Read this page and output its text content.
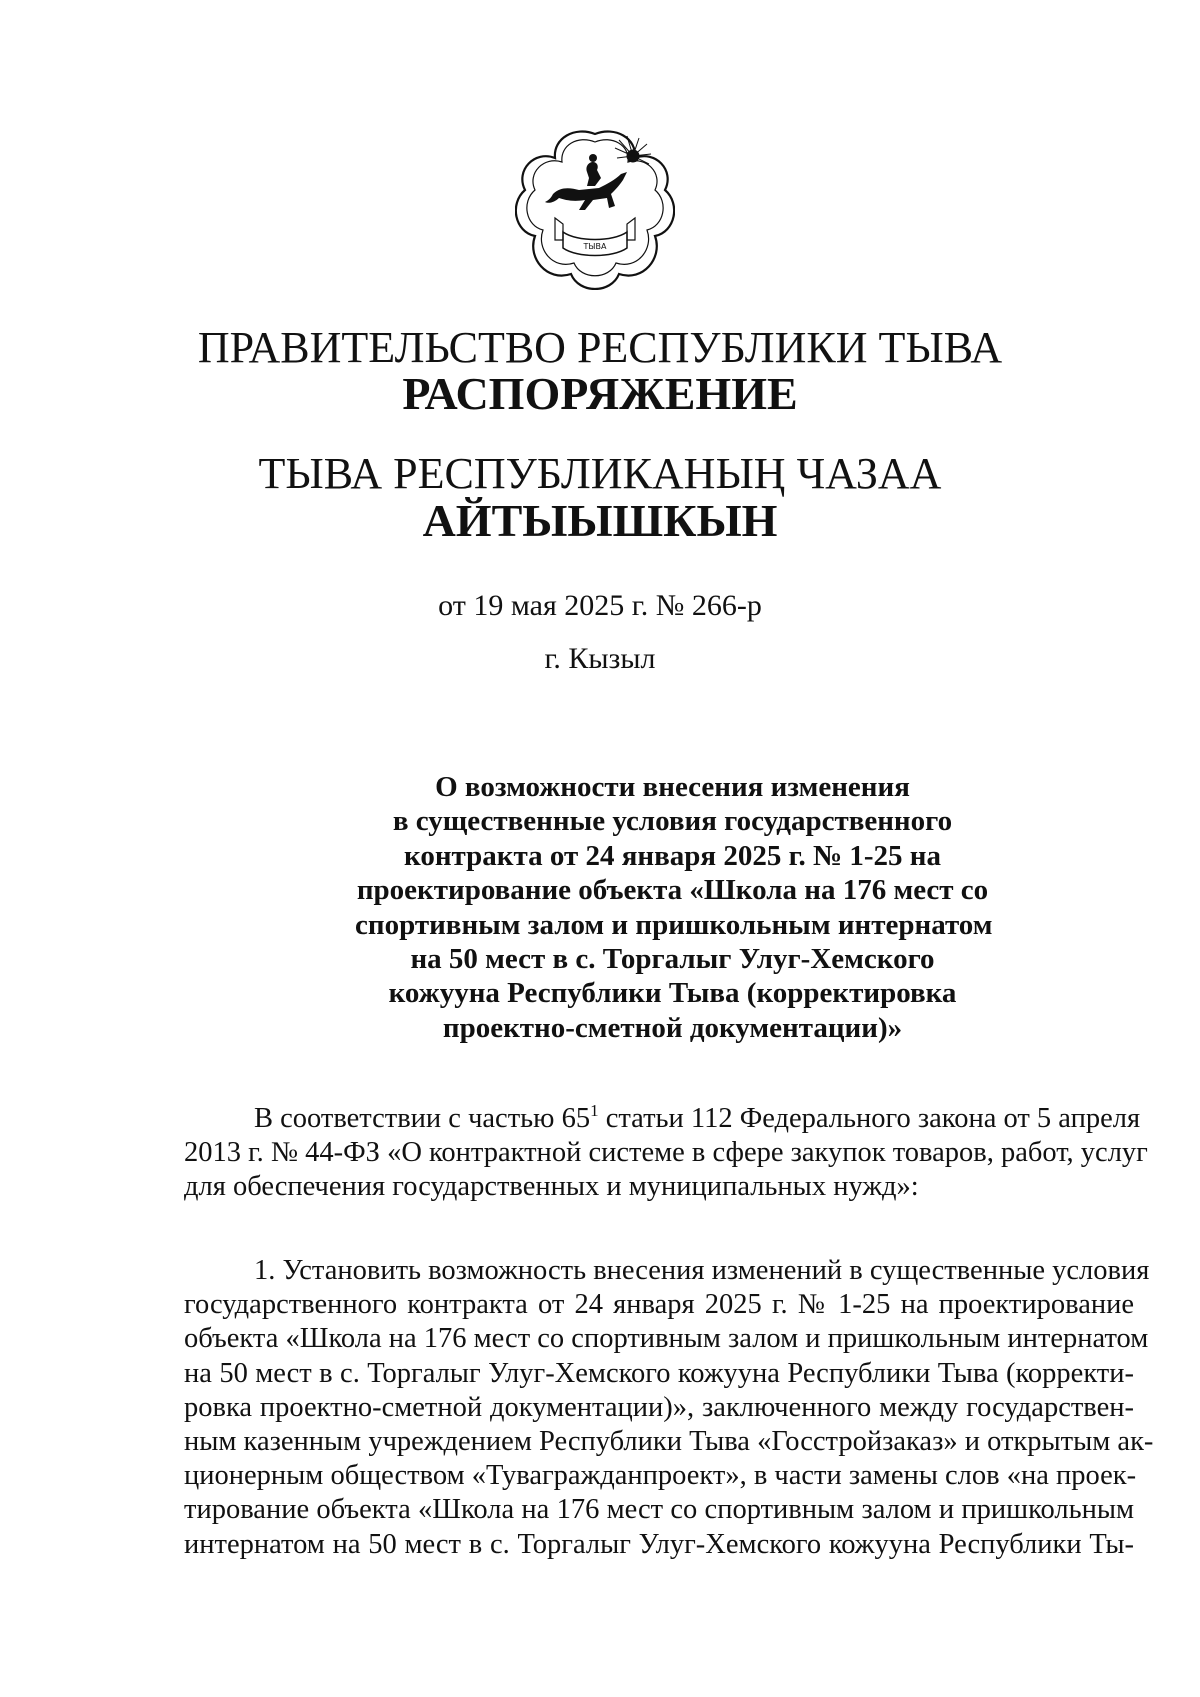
ТЫВА
ПРАВИТЕЛЬСТВО РЕСПУБЛИКИ ТЫВА
РАСПОРЯЖЕНИЕ
ТЫВА РЕСПУБЛИКАНЫҢ ЧАЗАА
АЙТЫЫШКЫН
от 19 мая 2025 г. № 266-р
г. Кызыл
О возможности внесения изменения
в существенные условия государственного
контракта от 24 января 2025 г. № 1-25 на
проектирование объекта «Школа на 176 мест со
спортивным залом и пришкольным интернатом
на 50 мест в с. Торгалыг Улуг-Хемского
кожууна Республики Тыва (корректировка
проектно-сметной документации)»
В соответствии с частью $65^1$ статьи 112 Федерального закона от 5 апреля
2013 г. № 44-ФЗ «О контрактной системе в сфере закупок товаров, работ, услуг
для обеспечения государственных и муниципальных нужд»:
1. Установить возможность внесения изменений в существенные условия
государственного контракта от 24 января 2025 г. № 1-25 на проектирование
объекта «Школа на 176 мест со спортивным залом и пришкольным интернатом
на 50 мест в с. Торгалыг Улуг-Хемского кожууна Республики Тыва (корректи-
ровка проектно-сметной документации)», заключенного между государствен-
ным казенным учреждением Республики Тыва «Госстройзаказ» и открытым ак-
ционерным обществом «Тувагражданпроект», в части замены слов «на проек-
тирование объекта «Школа на 176 мест со спортивным залом и пришкольным
интернатом на 50 мест в с. Торгалыг Улуг-Хемского кожууна Республики Ты-
